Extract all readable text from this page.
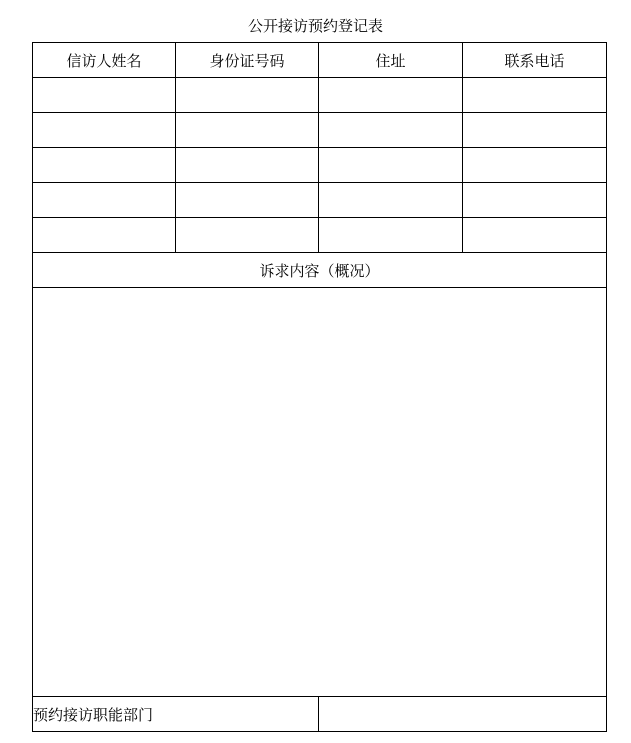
公开接访预约登记表
信访人姓名	身份证号码	住址	联系电话

诉求内容（概况）			

预约接访职能部门			
